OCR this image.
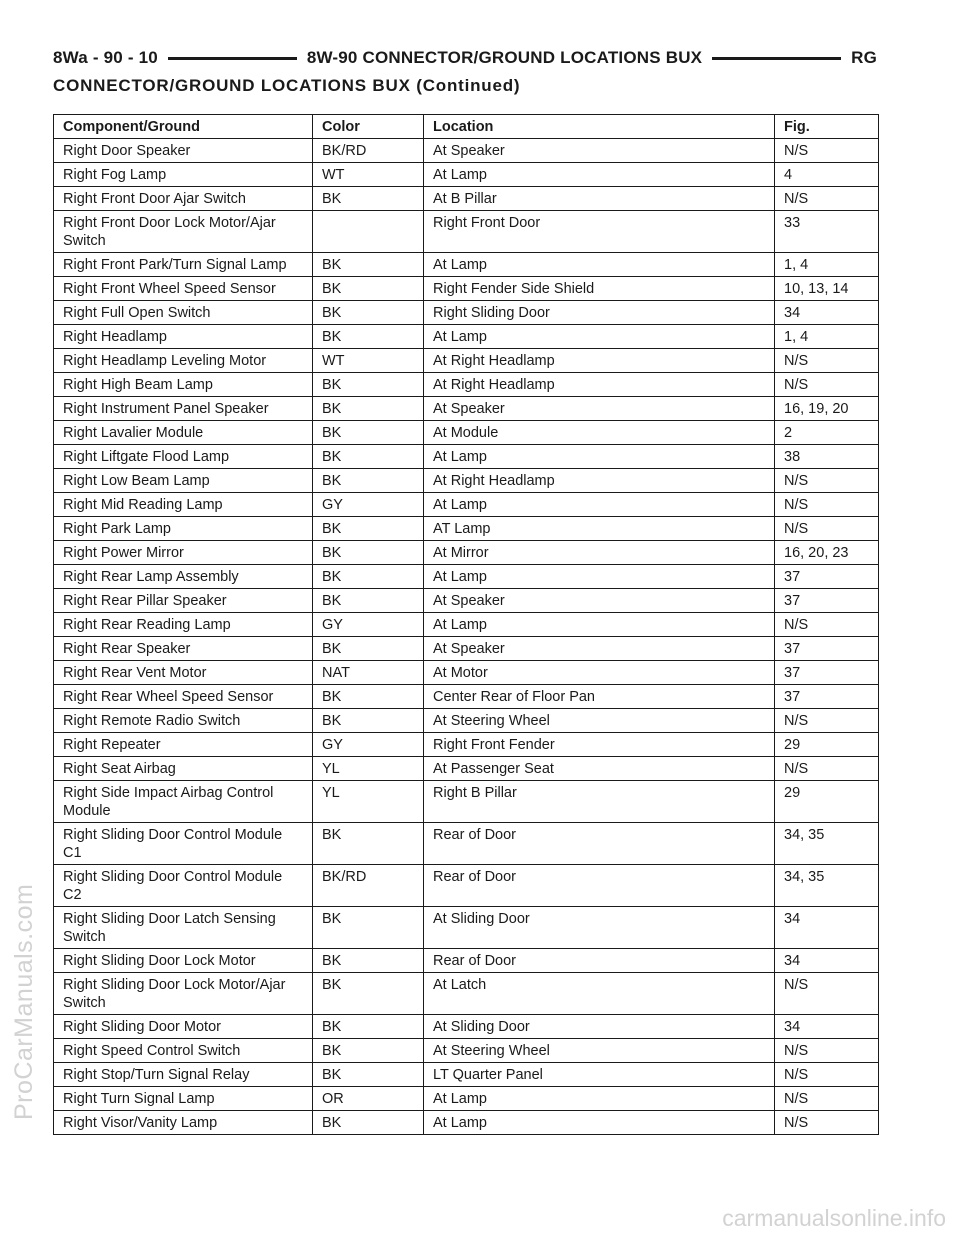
8Wa - 90 - 10	8W-90 CONNECTOR/GROUND LOCATIONS BUX	RG
CONNECTOR/GROUND LOCATIONS BUX (Continued)
Component/Ground	Color	Location	Fig.
Right Door Speaker	BK/RD	At Speaker	N/S
Right Fog Lamp	WT	At Lamp	4
Right Front Door Ajar Switch	BK	At B Pillar	N/S
Right Front Door Lock Motor/Ajar Switch		Right Front Door	33
Right Front Park/Turn Signal Lamp	BK	At Lamp	1, 4
Right Front Wheel Speed Sensor	BK	Right Fender Side Shield	10, 13, 14
Right Full Open Switch	BK	Right Sliding Door	34
Right Headlamp	BK	At Lamp	1, 4
Right Headlamp Leveling Motor	WT	At Right Headlamp	N/S
Right High Beam Lamp	BK	At Right Headlamp	N/S
Right Instrument Panel Speaker	BK	At Speaker	16, 19, 20
Right Lavalier Module	BK	At Module	2
Right Liftgate Flood Lamp	BK	At Lamp	38
Right Low Beam Lamp	BK	At Right Headlamp	N/S
Right Mid Reading Lamp	GY	At Lamp	N/S
Right Park Lamp	BK	AT Lamp	N/S
Right Power Mirror	BK	At Mirror	16, 20, 23
Right Rear Lamp Assembly	BK	At Lamp	37
Right Rear Pillar Speaker	BK	At Speaker	37
Right Rear Reading Lamp	GY	At Lamp	N/S
Right Rear Speaker	BK	At Speaker	37
Right Rear Vent Motor	NAT	At Motor	37
Right Rear Wheel Speed Sensor	BK	Center Rear of Floor Pan	37
Right Remote Radio Switch	BK	At Steering Wheel	N/S
Right Repeater	GY	Right Front Fender	29
Right Seat Airbag	YL	At Passenger Seat	N/S
Right Side Impact Airbag Control Module	YL	Right B Pillar	29
Right Sliding Door Control Module C1	BK	Rear of Door	34, 35
Right Sliding Door Control Module C2	BK/RD	Rear of Door	34, 35
Right Sliding Door Latch Sensing Switch	BK	At Sliding Door	34
Right Sliding Door Lock Motor	BK	Rear of Door	34
Right Sliding Door Lock Motor/Ajar Switch	BK	At Latch	N/S
Right Sliding Door Motor	BK	At Sliding Door	34
Right Speed Control Switch	BK	At Steering Wheel	N/S
Right Stop/Turn Signal Relay	BK	LT Quarter Panel	N/S
Right Turn Signal Lamp	OR	At Lamp	N/S
Right Visor/Vanity Lamp	BK	At Lamp	N/S
ProCarManuals.com
carmanualsonline.info
